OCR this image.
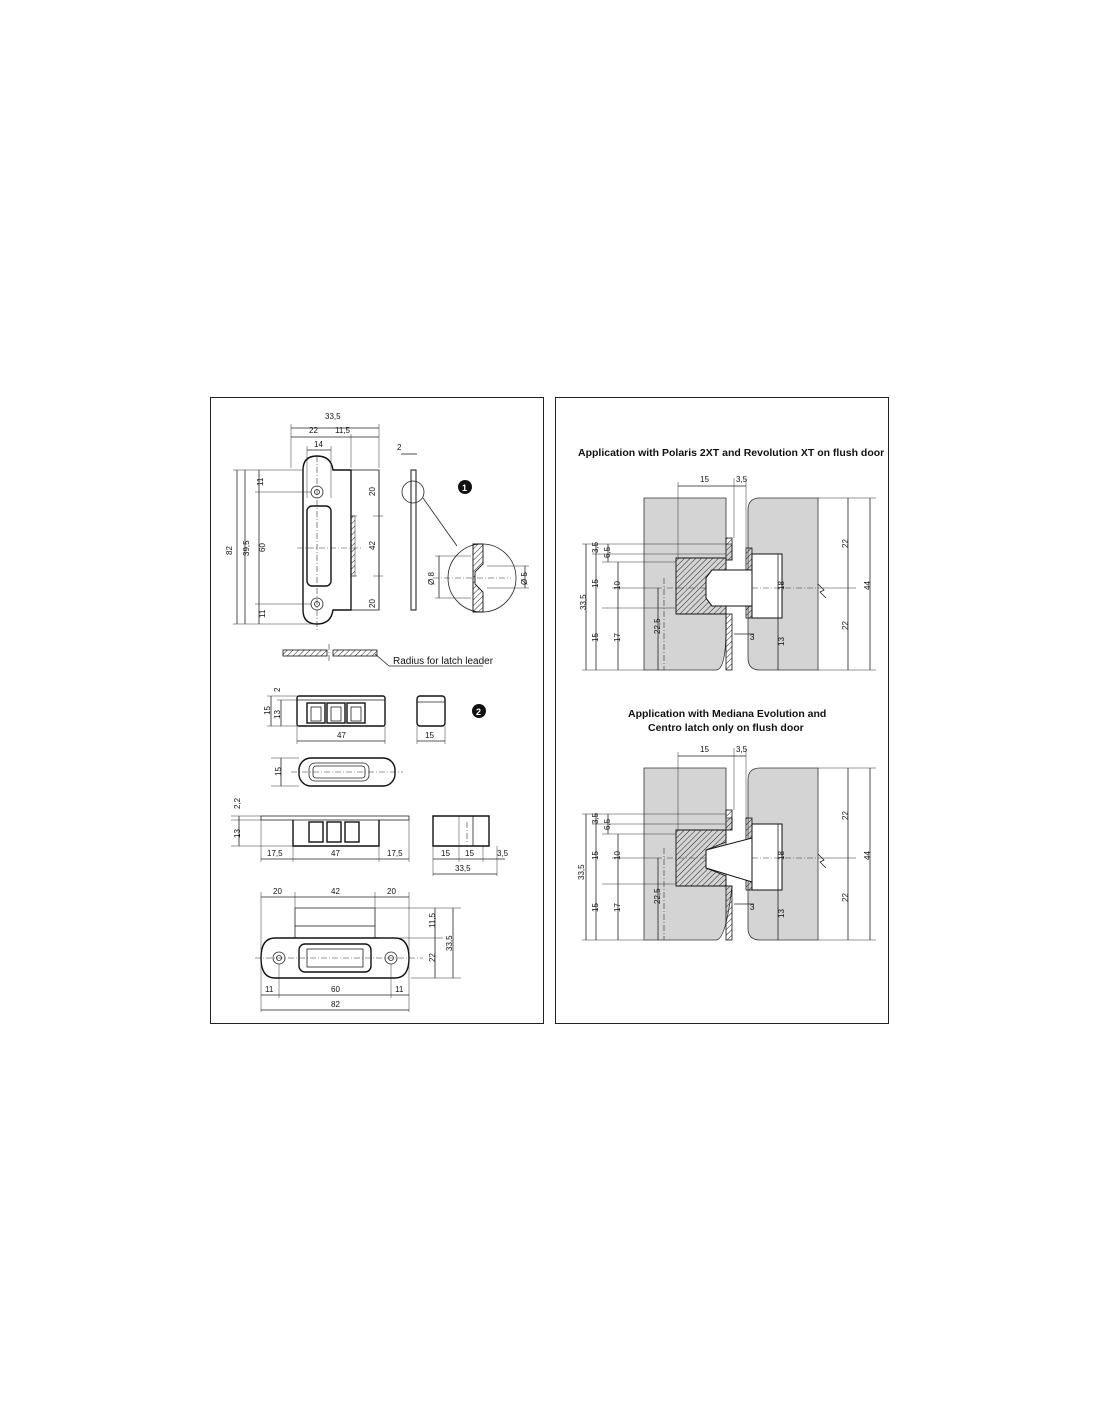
33,5
22 11,5
14
82 39,5
11
60
11
20
42
20
2
Ø 8	Ø 5
1
Radius for latch leader
15 13
2
47	15
2
15
2,2
13
17,5	47	17,5	15 15	3,5
33,5
20	42	20
11,5
22
33,5
11	60	11
82
Application with Polaris 2XT and Revolution XT on flush door
15	3,5
33,5
3,5
15
15
6,5
10
17
22,5
18
13
3
22
22
44
Application with Mediana Evolution and
Centro latch only on flush door
15	3,5
33,5
3,5
15
15
6,5
10
17
22,5
18
13
3
22
22
44
